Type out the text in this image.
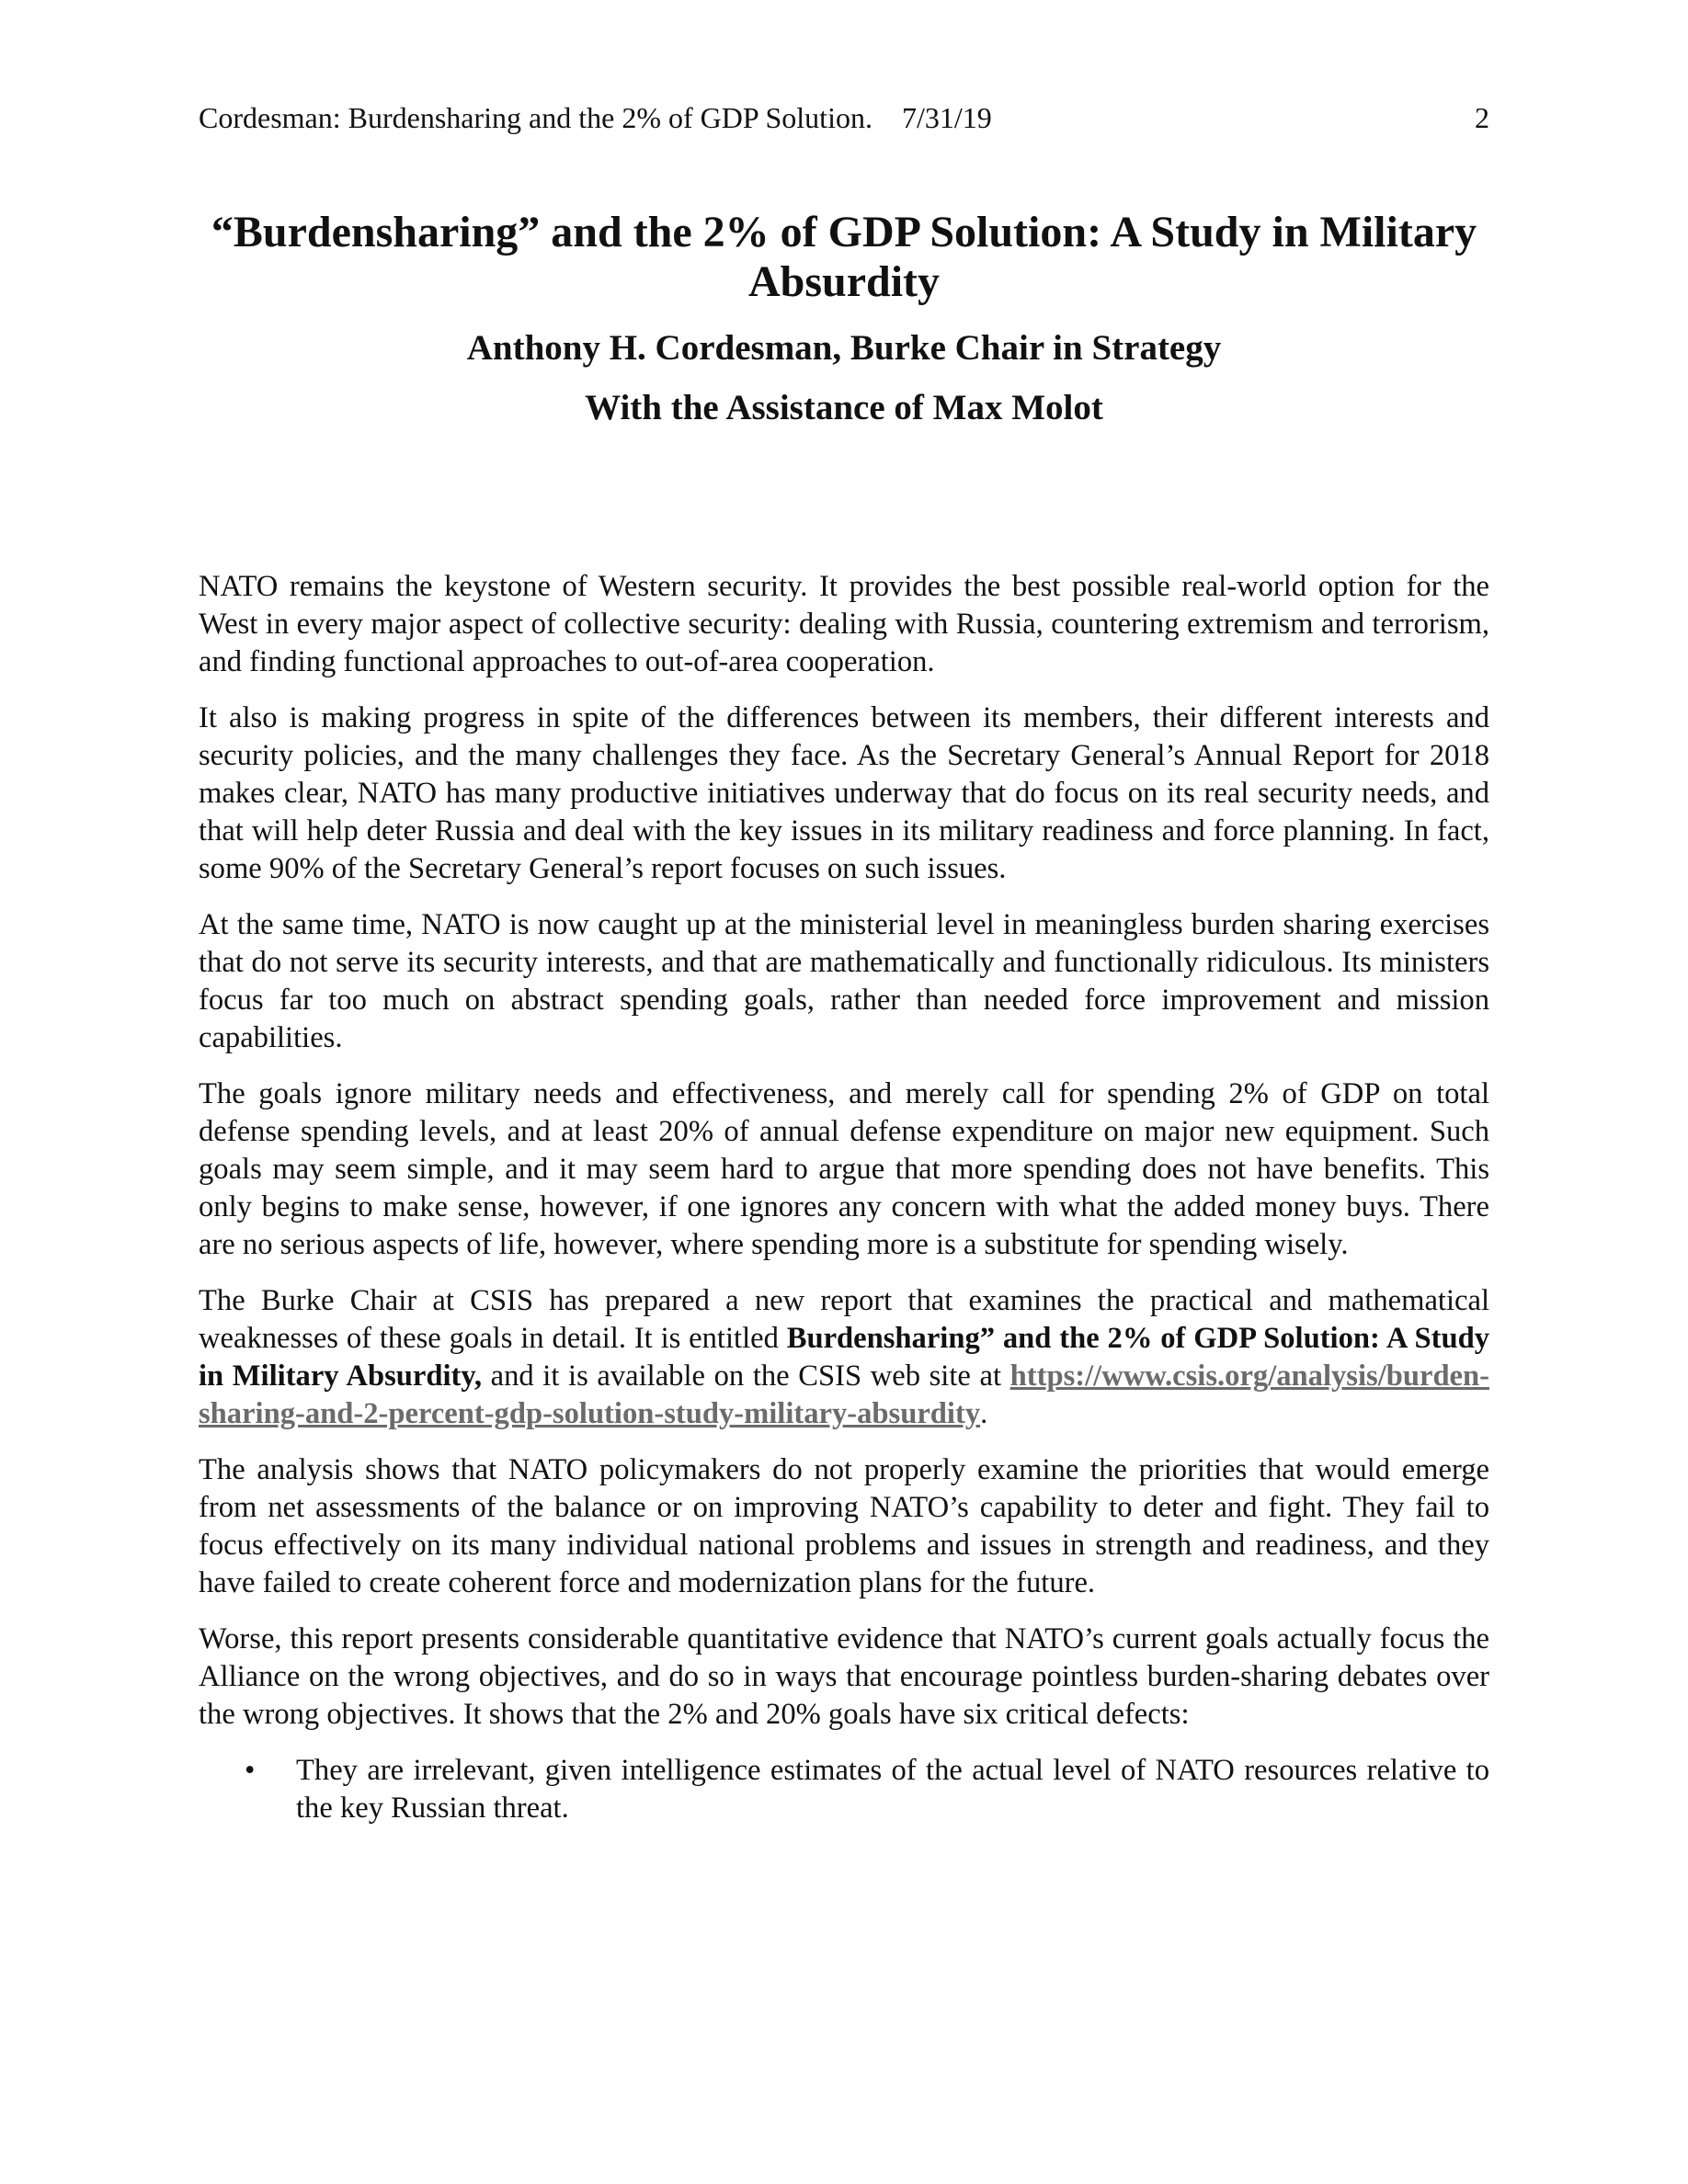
Cordesman: Burdensharing and the 2% of GDP Solution. 7/31/19	2
“Burdensharing” and the 2% of GDP Solution: A Study in Military Absurdity
Anthony H. Cordesman, Burke Chair in Strategy
With the Assistance of Max Molot

NATO remains the keystone of Western security. It provides the best possible real-world option for the West in every major aspect of collective security: dealing with Russia, countering extremism and terrorism, and finding functional approaches to out-of-area cooperation.

It also is making progress in spite of the differences between its members, their different interests and security policies, and the many challenges they face. As the Secretary General’s Annual Report for 2018 makes clear, NATO has many productive initiatives underway that do focus on its real security needs, and that will help deter Russia and deal with the key issues in its military readiness and force planning. In fact, some 90% of the Secretary General’s report focuses on such issues.

At the same time, NATO is now caught up at the ministerial level in meaningless burden sharing exercises that do not serve its security interests, and that are mathematically and functionally ridiculous. Its ministers focus far too much on abstract spending goals, rather than needed force improvement and mission capabilities.

The goals ignore military needs and effectiveness, and merely call for spending 2% of GDP on total defense spending levels, and at least 20% of annual defense expenditure on major new equipment. Such goals may seem simple, and it may seem hard to argue that more spending does not have benefits. This only begins to make sense, however, if one ignores any concern with what the added money buys. There are no serious aspects of life, however, where spending more is a substitute for spending wisely.

The Burke Chair at CSIS has prepared a new report that examines the practical and mathematical weaknesses of these goals in detail. It is entitled Burdensharing” and the 2% of GDP Solution: A Study in Military Absurdity, and it is available on the CSIS web site at https://www.csis.org/analysis/burden-sharing-and-2-percent-gdp-solution-study-military-absurdity.

The analysis shows that NATO policymakers do not properly examine the priorities that would emerge from net assessments of the balance or on improving NATO’s capability to deter and fight. They fail to focus effectively on its many individual national problems and issues in strength and readiness, and they have failed to create coherent force and modernization plans for the future.

Worse, this report presents considerable quantitative evidence that NATO’s current goals actually focus the Alliance on the wrong objectives, and do so in ways that encourage pointless burden-sharing debates over the wrong objectives. It shows that the 2% and 20% goals have six critical defects:

• They are irrelevant, given intelligence estimates of the actual level of NATO resources relative to the key Russian threat.
